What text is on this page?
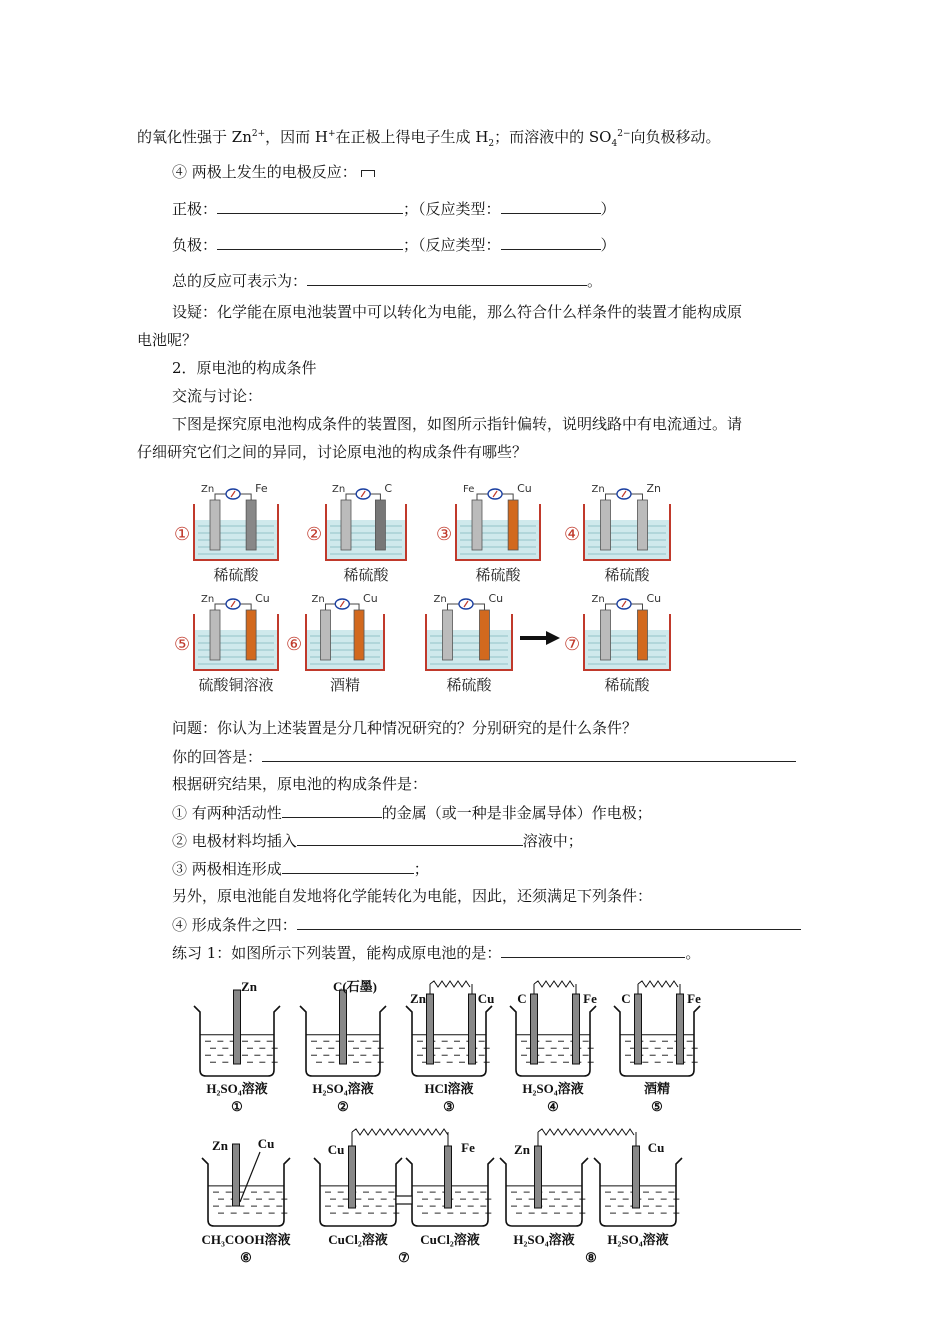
的氧化性强于 $Zn^{2+}$，因而 H+在正极上得电子生成 $H_2$；而溶液中的 $SO_4^{2-}$向负极移动。
④ 两极上发生的电极反应：
正极：	；（反应类型：	）
负极：	；（反应类型：	）
总的反应可表示为：	。
设疑：化学能在原电池装置中可以转化为电能，那么符合什么样条件的装置才能构成原
电池呢？
2．原电池的构成条件
交流与讨论：
下图是探究原电池构成条件的装置图，如图所示指针偏转，说明线路中有电流通过。请
仔细研究它们之间的异同，讨论原电池的构成条件有哪些？
Zn	Fe
①
稀硫酸
Zn	C
②
稀硫酸
Fe	Cu
③
稀硫酸
Zn	Zn
④
稀硫酸
Zn	Cu
⑤
硫酸铜溶液
Zn	Cu
⑥
酒精
Zn	Cu
稀硫酸
Zn	Cu
⑦
稀硫酸
问题：你认为上述装置是分几种情况研究的？分别研究的是什么条件？
你的回答是：
根据研究结果，原电池的构成条件是：
① 有两种活动性	的金属（或一种是非金属导体）作电极；
② 电极材料均插入	溶液中；
③ 两极相连形成	；
另外，原电池能自发地将化学能转化为电能，因此，还须满足下列条件：
④ 形成条件之四：
练习 1：如图所示下列装置，能构成原电池的是：	。
Zn
H₂SO₄溶液
①
C(石墨)
H₂SO₄溶液
②
Zn	Cu
HCl溶液
③
C	Fe
H₂SO₄溶液
④
C	Fe
酒精
⑤
Zn Cu
CH₃COOH溶液
⑥
Cu	Fe
CuCl₂溶液 CuCl₂溶液
⑦
Zn	Cu
H₂SO₄溶液	H₂SO₄溶液
⑧
